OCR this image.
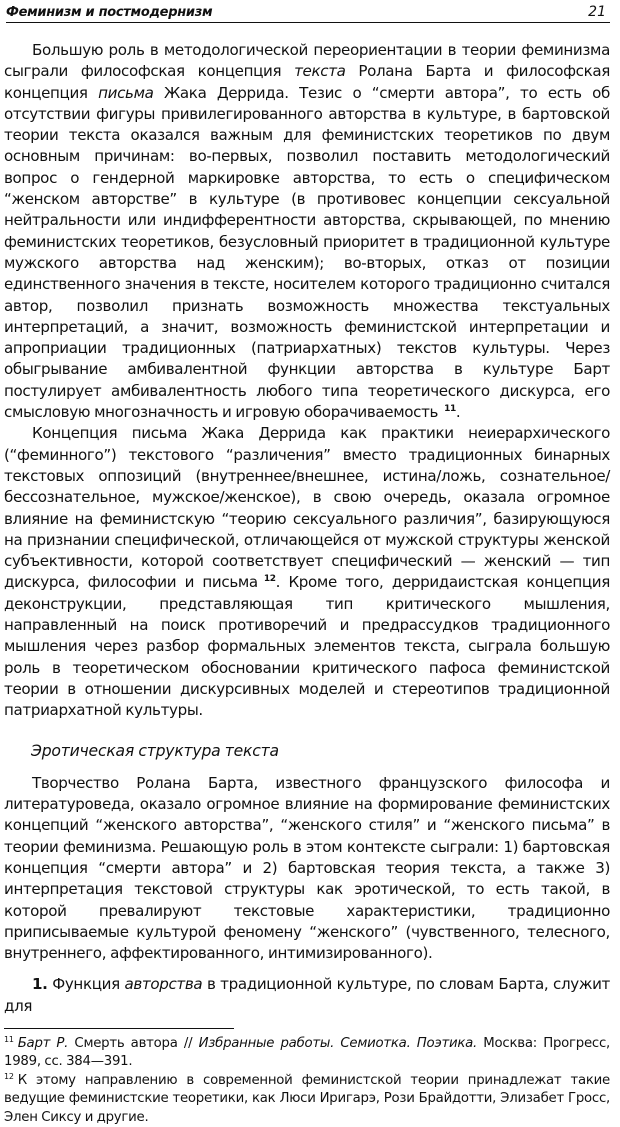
Феминизм и постмодернизм	21

Большую роль в методологической переориентации в теории феминизма сыграли философская концепция текста Ролана Барта и философская концепция письма Жака Деррида. Тезис о “смерти автора”, то есть об отсутствии фигуры привилегированного авторства в культуре, в бартовской теории текста оказался важным для феминистских теоретиков по двум основным причинам: во-первых, позволил поставить методологический вопрос о гендерной маркировке авторства, то есть о специфическом “женском авторстве” в культуре (в противовес концепции сексуальной нейтральности или индифферентности авторства, скрывающей, по мнению феминистских теоретиков, безусловный приоритет в традиционной культуре мужского авторства над женским); во-вторых, отказ от позиции единственного значения в тексте, носителем которого традиционно считался автор, позволил признать возможность множества текстуальных интерпретаций, а значит, возможность феминистской интерпретации и апроприации традиционных (патриархатных) текстов культуры. Через обыгрывание амбивалентной функции авторства в культуре Барт постулирует амбивалентность любого типа теоретического дискурса, его смысловую многозначность и игровую оборачиваемость $^{11}$.

Концепция письма Жака Деррида как практики неиерархического (“феминного”) текстового “различения” вместо традиционных бинарных текстовых оппозиций (внутреннее/внешнее, истина/ложь, сознательное/бессознательное, мужское/женское), в свою очередь, оказала огромное влияние на феминистскую “теорию сексуального различия”, базирующуюся на признании специфической, отличающейся от мужской структуры женской субъективности, которой соответствует специфический — женский — тип дискурса, философии и письма $^{12}$. Кроме того, дерридаистская концепция деконструкции, представляющая тип критического мышления, направленный на поиск противоречий и предрассудков традиционного мышления через разбор формальных элементов текста, сыграла большую роль в теоретическом обосновании критического пафоса феминистской теории в отношении дискурсивных моделей и стереотипов традиционной патриархатной культуры.

Эротическая структура текста

Творчество Ролана Барта, известного французского философа и литературоведа, оказало огромное влияние на формирование феминистских концепций “женского авторства”, “женского стиля” и “женского письма” в теории феминизма. Решающую роль в этом контексте сыграли: 1) бартовская концепция “смерти автора” и 2) бартовская теория текста, а также 3) интерпретация текстовой структуры как эротической, то есть такой, в которой превалируют текстовые характеристики, традиционно приписываемые культурой феномену “женского” (чувственного, телесного, внутреннего, аффектированного, интимизированного).

1. Функция авторства в традиционной культуре, по словам Барта, служит для

$^{11}$ Барт Р. Смерть автора // Избранные работы. Семиотка. Поэтика. Москва: Прогресс, 1989, сс. 384—391.

$^{12}$ К этому направлению в современной феминистской теории принадлежат такие ведущие феминистские теоретики, как Люси Иригарэ, Рози Брайдотти, Элизабет Гросс, Элен Сиксу и другие.
